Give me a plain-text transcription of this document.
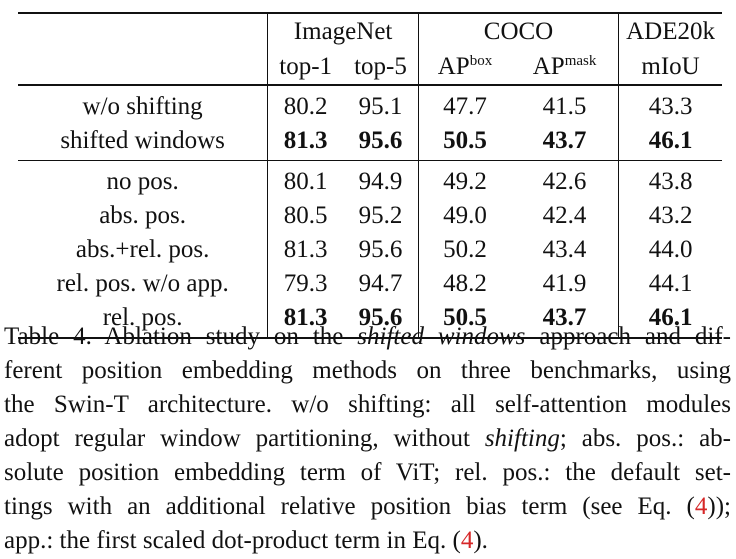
	ImageNet		COCO		ADE20k
	top-1	top-5	$AP^{box}$	$AP^{mask}$	mIoU
w/o shifting	80.2	95.1	47.7	41.5	43.3
shifted windows	81.3	95.6	50.5	43.7	46.1
no pos.	80.1	94.9	49.2	42.6	43.8
abs. pos.	80.5	95.2	49.0	42.4	43.2
abs.+rel. pos.	81.3	95.6	50.2	43.4	44.0
rel. pos. w/o app.	79.3	94.7	48.2	41.9	44.1
rel. pos.	81.3	95.6	50.5	43.7	46.1
Table 4. Ablation study on the shifted windows approach and dif-
ferent position embedding methods on three benchmarks, using
the Swin-T architecture. w/o shifting: all self-attention modules
adopt regular window partitioning, without shifting; abs. pos.: ab-
solute position embedding term of ViT; rel. pos.: the default set-
tings with an additional relative position bias term (see Eq. (4));
app.: the first scaled dot-product term in Eq. (4).
